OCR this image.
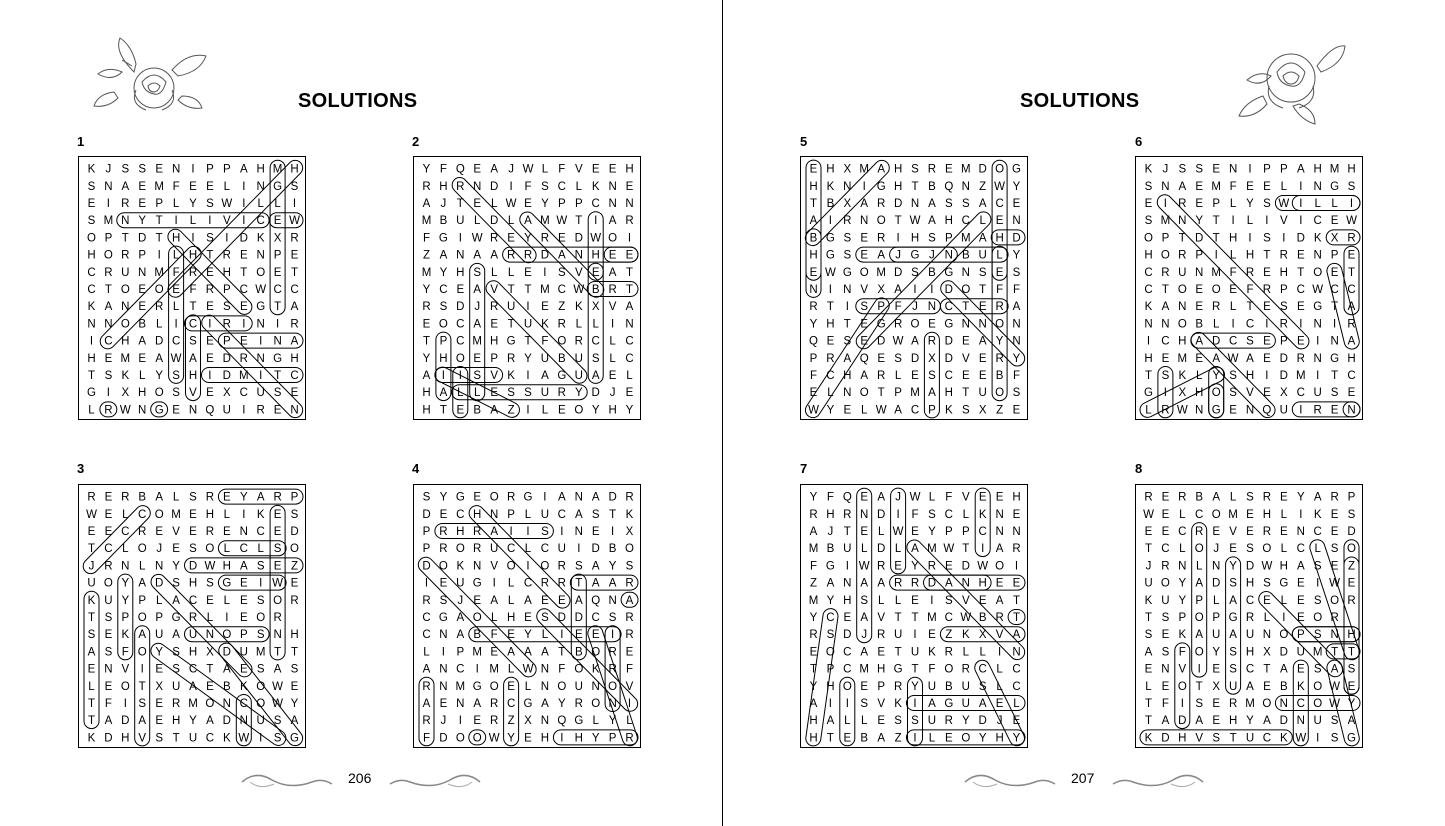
SOLUTIONS
1
K J S S E N I P P A H M H
S N A E M F E E L I N G S
E I R E P L Y S W I L L I
S M N Y T I L I V I C E W
O P T D T H I S I D K X R
H O R P I L H T R E N P E
C R U N M F R E H T O E T
C T O E O E F R P C W C C
K A N E R L T E S E G T A
N N O B L I C I R I N I R
I C H A D C S E P E I N A
H E M E A W A E D R N G H
T S K L Y S H I D M I T C
G I X H O S V E X C U S E
L R W N G E N Q U I R E N
2
Y F Q E A J W L F V E E H
R H R N D I F S C L K N E
A J T E L W E Y P P C N N
M B U L D L A M W T I A R
F G I W R E Y R E D W O I
Z A N A A R R D A N H E E
M Y H S L L E I S V E A T
Y C E A V T T M C W B R T
R S D J R U I E Z K X V A
E O C A E T U K R L L I N
T P C M H G T F O R C L C
Y H O E P R Y U B U S L C
A I I S V K I A G U A E L
H A L L E S S U R Y D J E
H T E B A Z I L E O Y H Y
3
R E R B A L S R E Y A R P
W E L C O M E H L I K E S
E E C R E V E R E N C E D
T C L O J E S O L C L S O
J R N L N Y D W H A S E Z
U O Y A D S H S G E I W E
K U Y P L A C E L E S O R
T S P O P G R L I E O R
S E K A U A U N O P S N H
A S F O Y S H X D U M T T
E N V I E S C T A E S A S
L E O T X U A E B K O W E
T F I S E R M O N C O W Y
T A D A E H Y A D N U S A
K D H V S T U C K W I S G
4
S Y G E O R G I A N A D R
D E C H N P L U C A S T K
P R H R A I I S I N E I X
P R O R U C L C U I D B O
D O K N V O I O R S A Y S
I E U G I L C R R T A A R
R S J E A L A E E A Q N A
C G A O L H E S D D C S R
C N A B F E Y L I E E I R
L I P M E A A A T B O R E
A N C I M L W N F O K R F
R N M G O E L N O U N O V
A E N A R C G A Y R O N I
R J I E R Z X N Q G L Y L
F D O O W Y E H I H Y P R
206
SOLUTIONS
5
E H X M A H S R E M D O G
H K N I G H T B Q N Z W Y
T B X A R D N A S S A C E
A I R N O T W A H C L E N
B G S E R I H S P M A H D
H G S E A J G J N B U L Y
E W G O M D S B G N S E S
N I N V X A I I D O T F F
R T I S P F J N C T E R A
Y H T E G R O E G N N O N
Q E S E D W A R D E A Y N
P R A Q E S D X D V E R Y
F C H A R L E S C E E B F
E L N O T P M A H T U O S
W Y E L W A C P K S X Z E
6
K J S S E N I P P A H M H
S N A E M F E E L I N G S
E I R E P L Y S W I L L I
S M N Y T I L I V I C E W
O P T D T H I S I D K X R
H O R P I L H T R E N P E
C R U N M F R E H T O E T
C T O E O E F R P C W C C
K A N E R L T E S E G T A
N N O B L I C I R I N I R
I C H A D C S E P E I N A
H E M E A W A E D R N G H
T S K L Y S H I D M I T C
G I X H O S V E X C U S E
L R W N G E N Q U I R E N
7
Y F Q E A J W L F V E E H
R H R N D I F S C L K N E
A J T E L W E Y P P C N N
M B U L D L A M W T I A R
F G I W R E Y R E D W O I
Z A N A A R R D A N H E E
M Y H S L L E I S V E A T
Y C E A V T T M C W B R T
R S D J R U I E Z K X V A
E O C A E T U K R L L I N
T P C M H G T F O R C L C
Y H O E P R Y U B U S L C
A I I S V K I A G U A E L
H A L L E S S U R Y D J E
H T E B A Z I L E O Y H Y
8
R E R B A L S R E Y A R P
W E L C O M E H L I K E S
E E C R E V E R E N C E D
T C L O J E S O L C L S O
J R N L N Y D W H A S E Z
U O Y A D S H S G E I W E
K U Y P L A C E L E S O R
T S P O P G R L I E O R
S E K A U A U N O P S N H
A S F O Y S H X D U M T T
E N V I E S C T A E S A S
L E O T X U A E B K O W E
T F I S E R M O N C O W Y
T A D A E H Y A D N U S A
K D H V S T U C K W I S G
207
